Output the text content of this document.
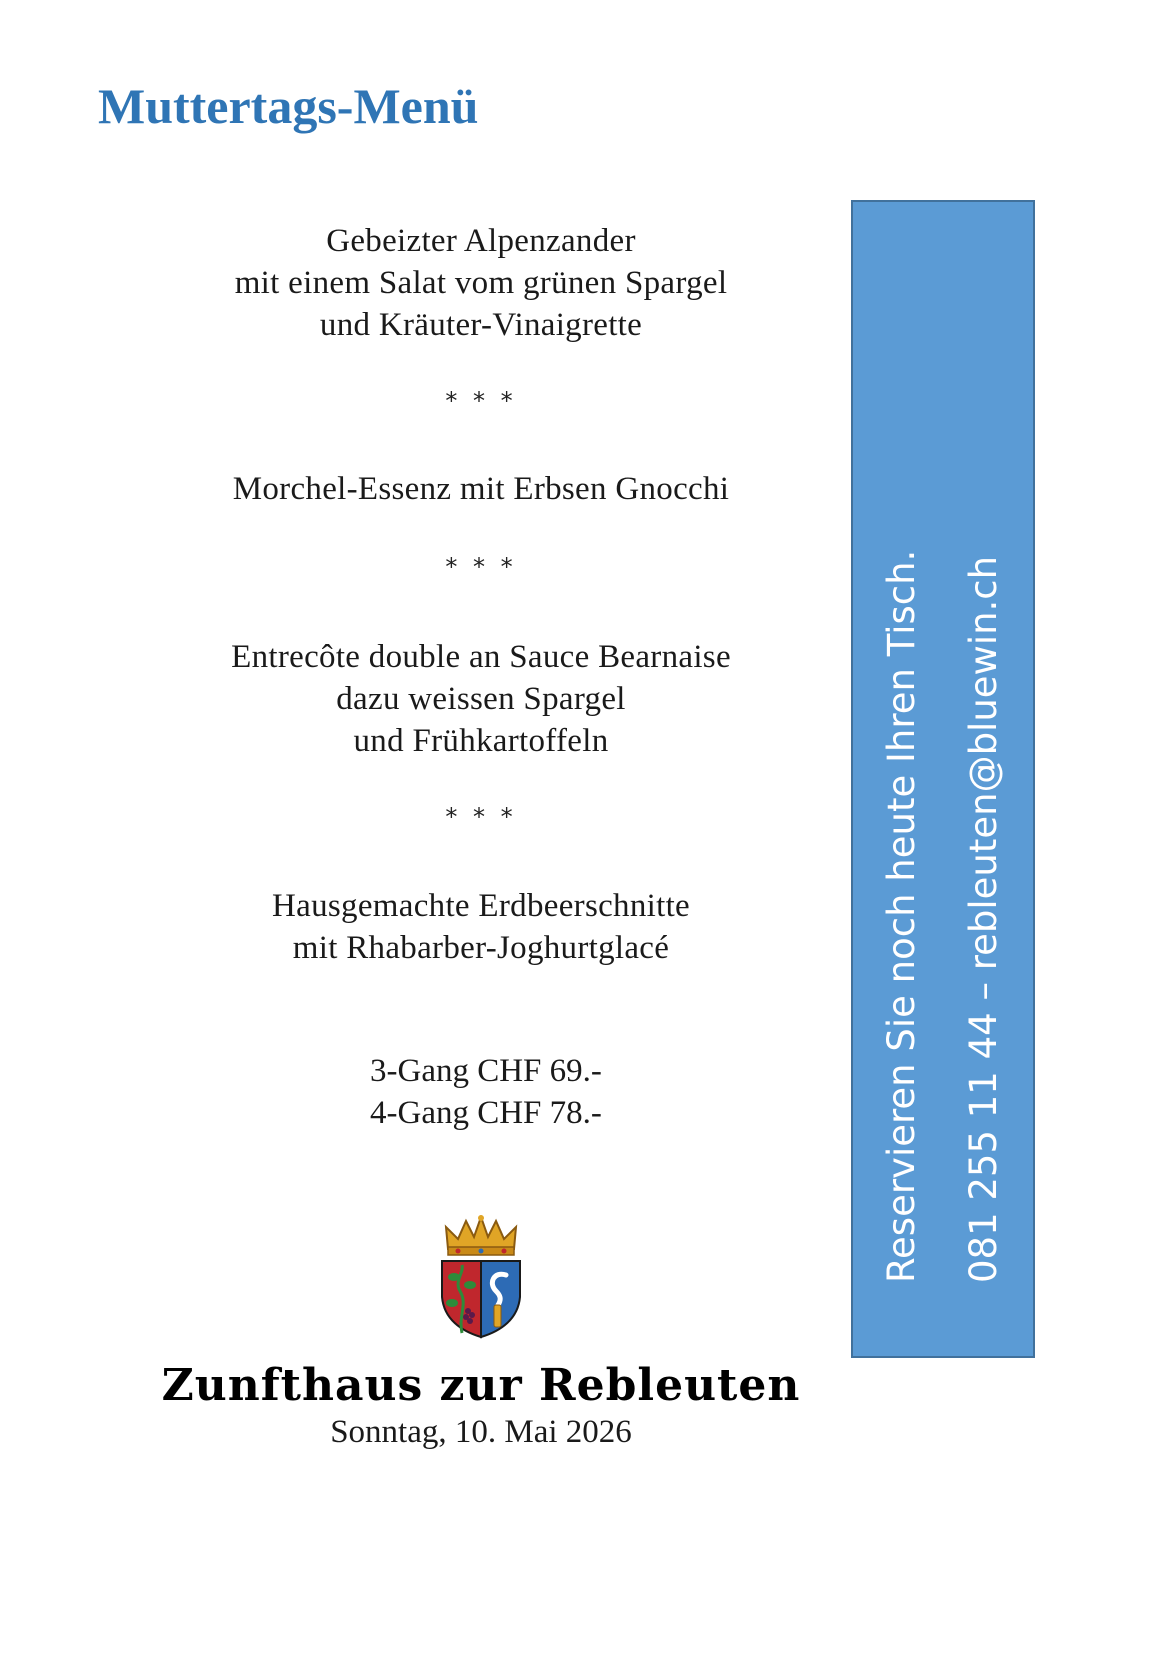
Muttertags-Menü
Gebeizter Alpenzander
mit einem Salat vom grünen Spargel
und Kräuter-Vinaigrette
* * *
Morchel-Essenz mit Erbsen Gnocchi
* * *
Entrecôte double an Sauce Bearnaise
dazu weissen Spargel
und Frühkartoffeln
* * *
Hausgemachte Erdbeerschnitte
mit Rhabarber-Joghurtglacé
3-Gang CHF 69.-
4-Gang CHF 78.-
Zunfthaus zur Rebleuten
Sonntag, 10. Mai 2026
Reservieren Sie noch heute Ihren Tisch.	081 255 11 44 – rebleuten@bluewin.ch
